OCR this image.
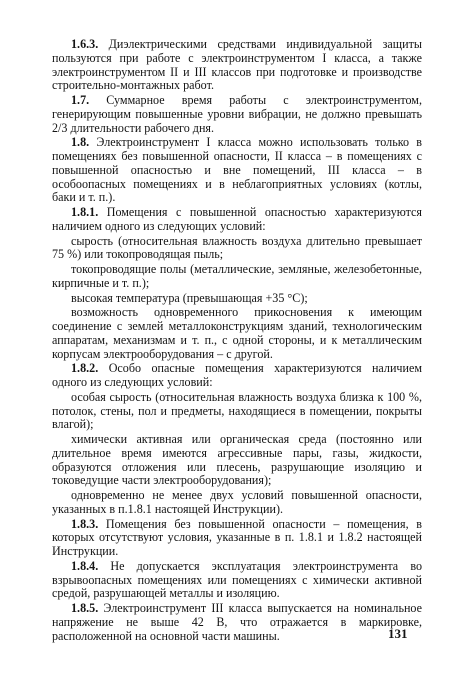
1.6.3. Диэлектрическими средствами индивидуальной защиты пользуются при работе с электроинструментом I класса, а также электроинструментом II и III классов при подготовке и производстве строительно-монтажных работ.

1.7. Суммарное время работы с электроинструментом, генерирующим повышенные уровни вибрации, не должно превышать 2/3 длительности рабочего дня.

1.8. Электроинструмент I класса можно использовать только в помещениях без повышенной опасности, II класса – в помещениях с повышенной опасностью и вне помещений, III класса – в особоопасных помещениях и в неблагоприятных условиях (котлы, баки и т. п.).

1.8.1. Помещения с повышенной опасностью характеризуются наличием одного из следующих условий:

сырость (относительная влажность воздуха длительно превышает 75 %) или токопроводящая пыль;

токопроводящие полы (металлические, земляные, железобетонные, кирпичные и т. п.);

высокая температура (превышающая +35 °С);

возможность одновременного прикосновения к имеющим соединение с землей металлоконструкциям зданий, технологическим аппаратам, механизмам и т. п., с одной стороны, и к металлическим корпусам электрооборудования – с другой.

1.8.2. Особо опасные помещения характеризуются наличием одного из следующих условий:

особая сырость (относительная влажность воздуха близка к 100 %, потолок, стены, пол и предметы, находящиеся в помещении, покрыты влагой);

химически активная или органическая среда (постоянно или длительное время имеются агрессивные пары, газы, жидкости, образуются отложения или плесень, разрушающие изоляцию и токоведущие части электрооборудования);

одновременно не менее двух условий повышенной опасности, указанных в п.1.8.1 настоящей Инструкции).

1.8.3. Помещения без повышенной опасности – помещения, в которых отсутствуют условия, указанные в п. 1.8.1 и 1.8.2 настоящей Инструкции.

1.8.4. Не допускается эксплуатация электроинструмента во взрывоопасных помещениях или помещениях с химически активной средой, разрушающей металлы и изоляцию.

1.8.5. Электроинструмент III класса выпускается на номинальное напряжение не выше 42 В, что отражается в маркировке, расположенной на основной части машины.	131
